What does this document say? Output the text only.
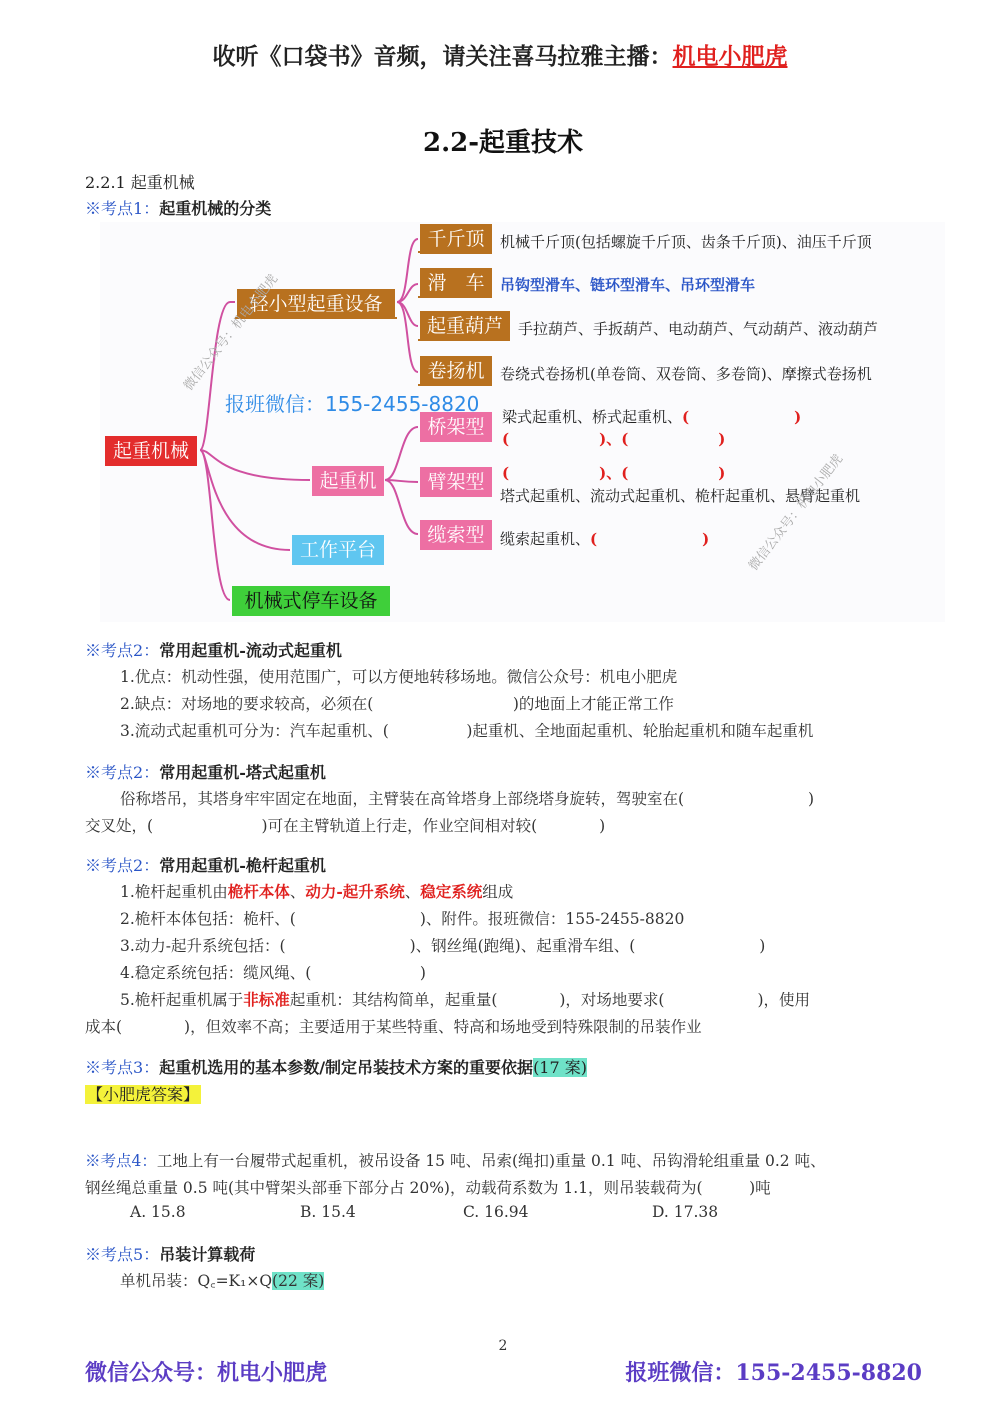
收听《口袋书》音频，请关注喜马拉雅主播：机电小肥虎
2.2-起重技术
2.2.1 起重机械
※考点1：起重机械的分类
起重机械
轻小型起重设备
千斤顶
滑　车
起重葫芦
卷扬机
起重机
桥架型
臂架型
缆索型
工作平台
机械式停车设备
机械千斤顶(包括螺旋千斤顶、齿条千斤顶)、油压千斤顶
吊钩型滑车、链环型滑车、吊环型滑车
手拉葫芦、手扳葫芦、电动葫芦、气动葫芦、液动葫芦
卷绕式卷扬机(单卷筒、双卷筒、多卷筒)、摩擦式卷扬机
梁式起重机、桥式起重机、(　　　　　　　)
(　　　　　　)、(　　　　　　)
(　　　　　　)、(　　　　　　)
塔式起重机、流动式起重机、桅杆起重机、悬臂起重机
缆索起重机、(　　　　　　　)
报班微信：155-2455-8820
微信公众号：机电小肥虎
微信公众号：机电小肥虎
※考点2：常用起重机-流动式起重机
1.优点：机动性强，使用范围广，可以方便地转移场地。微信公众号：机电小肥虎
2.缺点：对场地的要求较高，必须在(　　　　　　　　　)的地面上才能正常工作
3.流动式起重机可分为：汽车起重机、(　　　　　)起重机、全地面起重机、轮胎起重机和随车起重机
※考点2：常用起重机-塔式起重机
俗称塔吊，其塔身牢牢固定在地面，主臂装在高耸塔身上部绕塔身旋转，驾驶室在(　　　　　　　　)
交叉处，(　　　　　　　)可在主臂轨道上行走，作业空间相对较(　　　　)
※考点2：常用起重机-桅杆起重机
1.桅杆起重机由桅杆本体、动力-起升系统、稳定系统组成
2.桅杆本体包括：桅杆、(　　　　　　　　)、附件。报班微信：155-2455-8820
3.动力-起升系统包括：(　　　　　　　　)、钢丝绳(跑绳)、起重滑车组、(　　　　　　　　)
4.稳定系统包括：缆风绳、(　　　　　　　)
5.桅杆起重机属于非标准起重机：其结构简单，起重量(　　　　)，对场地要求(　　　　　　)，使用
成本(　　　　)，但效率不高；主要适用于某些特重、特高和场地受到特殊限制的吊装作业
※考点3：起重机选用的基本参数/制定吊装技术方案的重要依据(17 案)
【小肥虎答案】
※考点4：工地上有一台履带式起重机，被吊设备 15 吨、吊索(绳扣)重量 0.1 吨、吊钩滑轮组重量 0.2 吨、
钢丝绳总重量 0.5 吨(其中臂架头部垂下部分占 20%)，动载荷系数为 1.1，则吊装载荷为(　　　)吨
A. 15.8	B. 15.4	C. 16.94	D. 17.38
※考点5：吊装计算载荷
单机吊装：Q꜀=K₁×Q(22 案)
2
微信公众号：机电小肥虎	报班微信：155-2455-8820
